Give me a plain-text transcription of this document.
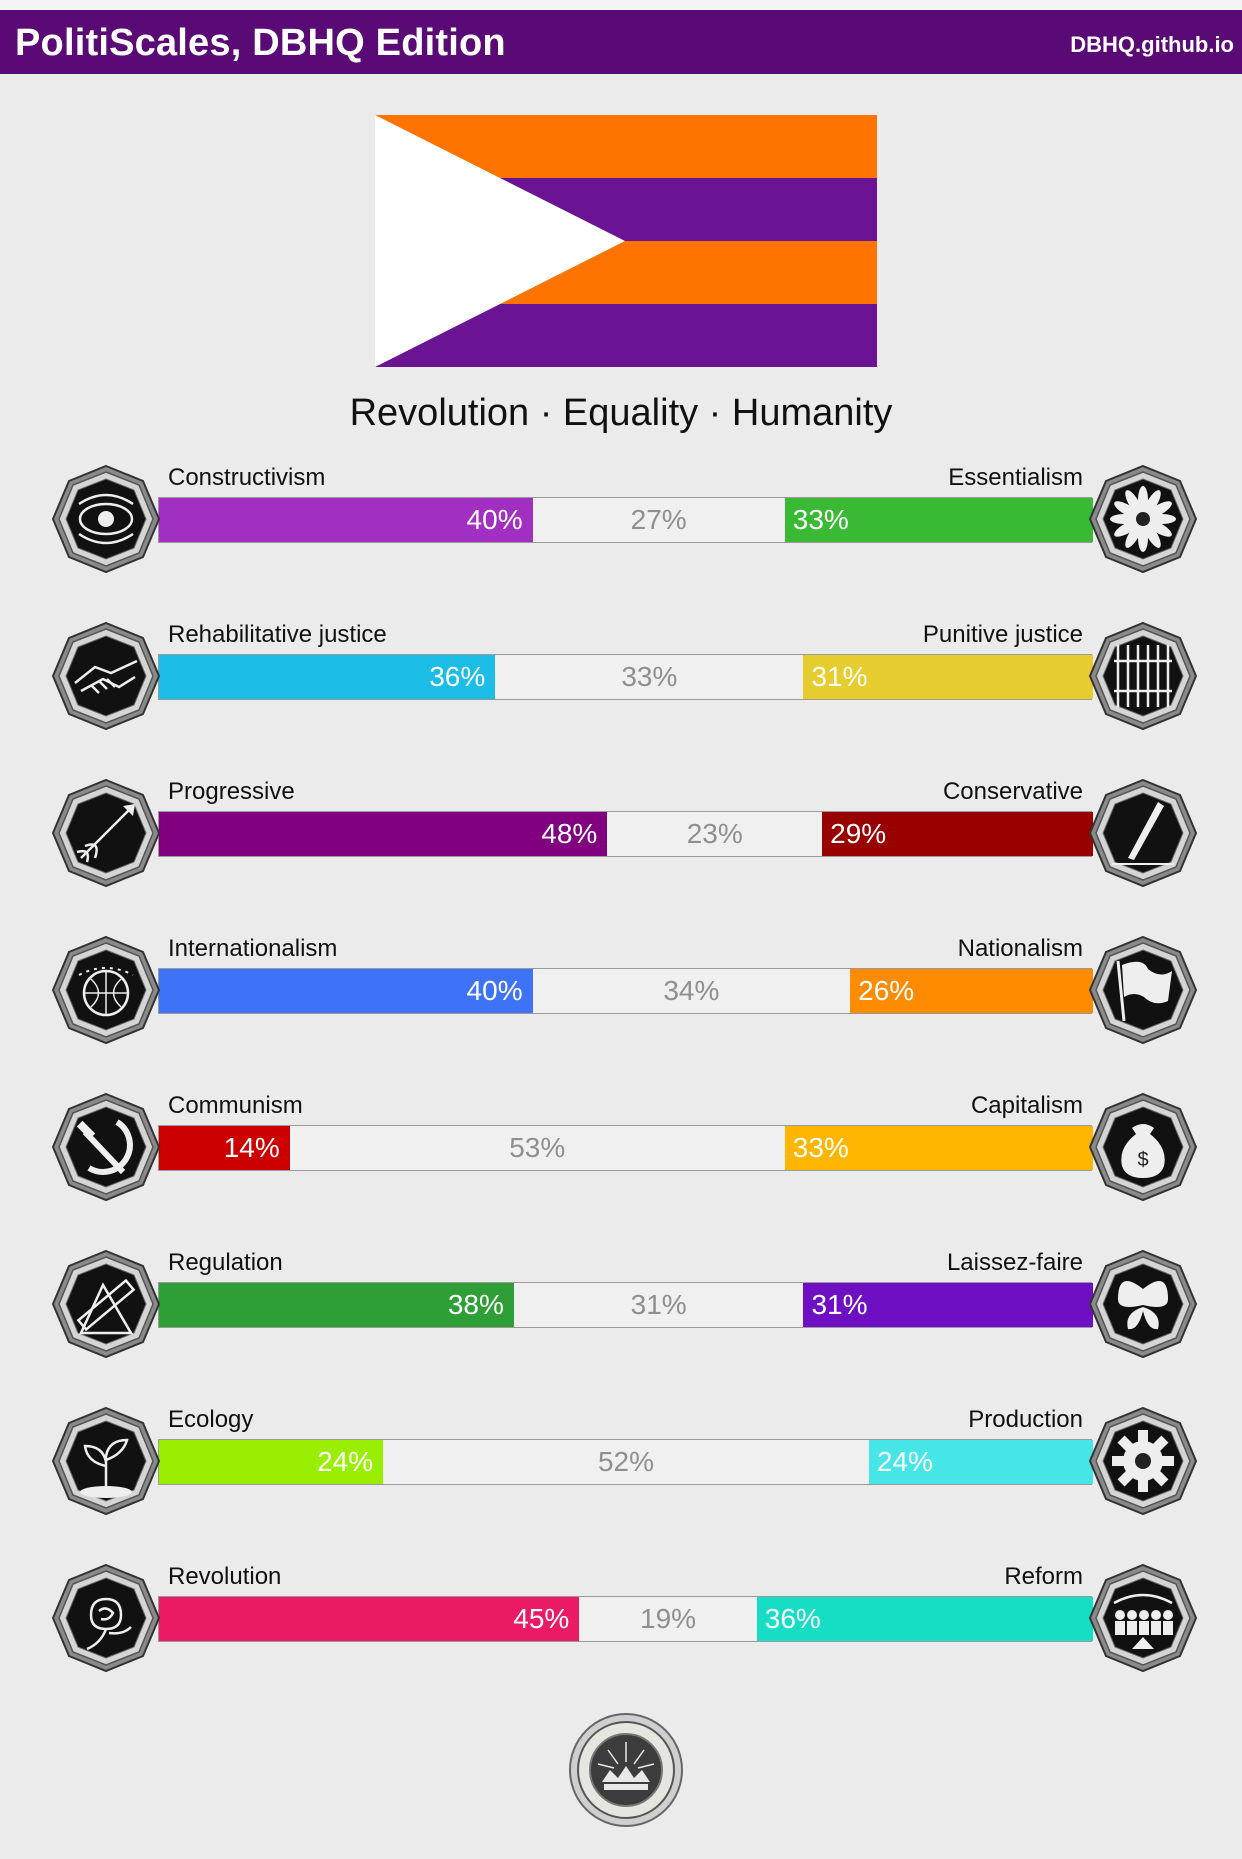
PolitiScales, DBHQ Edition	DBHQ.github.io
Revolution · Equality · Humanity
Constructivism	Essentialism
40%	27%	33%
Rehabilitative justice	Punitive justice
36%	33%	31%
Progressive	Conservative
48%	23%	29%
Internationalism	Nationalism
40%	34%	26%
Communism	Capitalism
14%	53%	33%	$
Regulation	Laissez-faire
38%	31%	31%
Ecology	Production
24%	52%	24%
Revolution	Reform
45%	19%	36%
